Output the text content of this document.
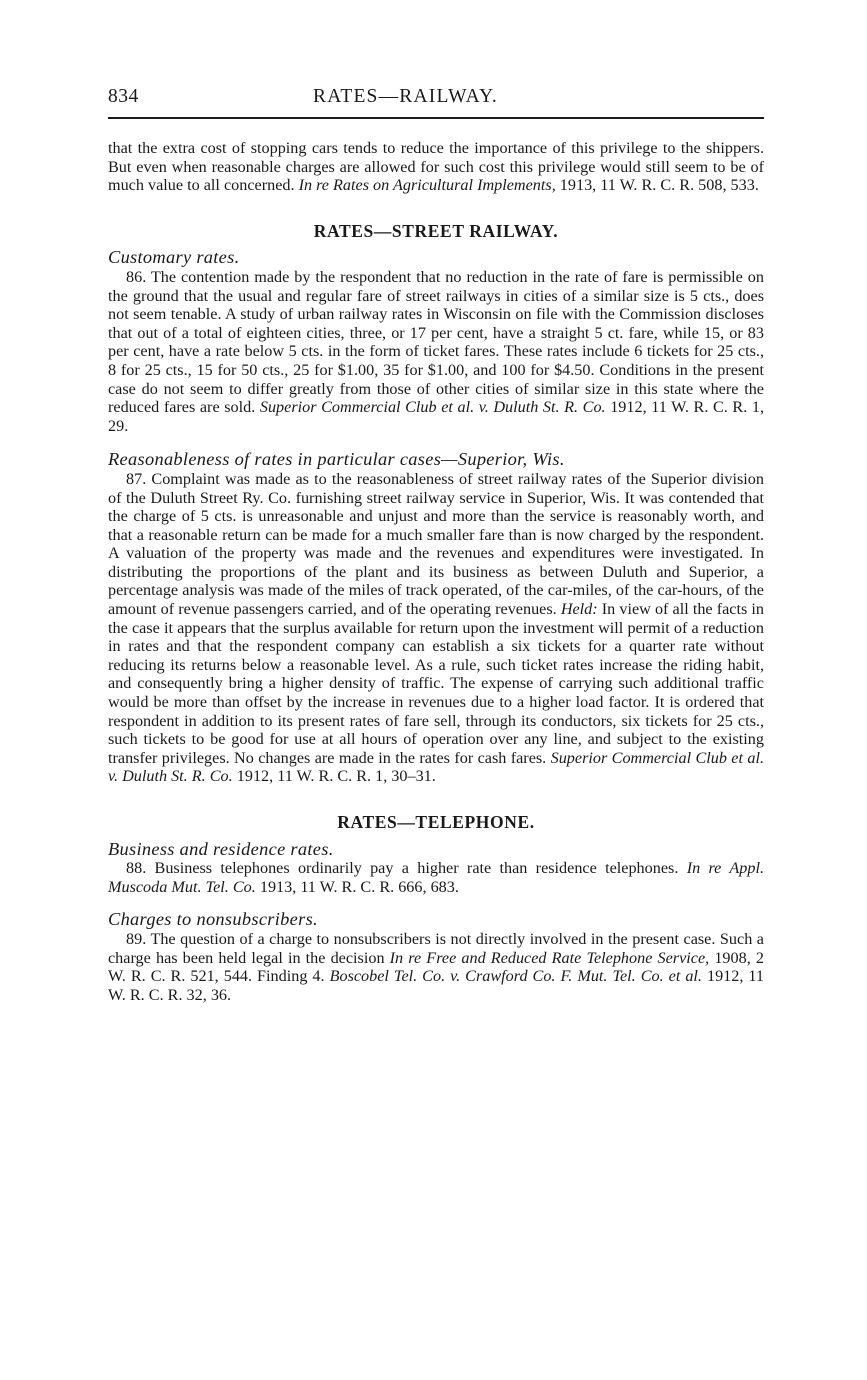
834	RATES—RAILWAY.

that the extra cost of stopping cars tends to reduce the importance of this privilege to the shippers. But even when reasonable charges are allowed for such cost this privilege would still seem to be of much value to all concerned. In re Rates on Agricultural Implements, 1913, 11 W. R. C. R. 508, 533.

RATES—STREET RAILWAY.
Customary rates.

86. The contention made by the respondent that no reduction in the rate of fare is permissible on the ground that the usual and regular fare of street railways in cities of a similar size is 5 cts., does not seem tenable. A study of urban railway rates in Wisconsin on file with the Commission discloses that out of a total of eighteen cities, three, or 17 per cent, have a straight 5 ct. fare, while 15, or 83 per cent, have a rate below 5 cts. in the form of ticket fares. These rates include 6 tickets for 25 cts., 8 for 25 cts., 15 for 50 cts., 25 for $1.00, 35 for $1.00, and 100 for $4.50. Conditions in the present case do not seem to differ greatly from those of other cities of similar size in this state where the reduced fares are sold. Superior Commercial Club et al. v. Duluth St. R. Co. 1912, 11 W. R. C. R. 1, 29.

Reasonableness of rates in particular cases—Superior, Wis.

87. Complaint was made as to the reasonableness of street railway rates of the Superior division of the Duluth Street Ry. Co. furnishing street railway service in Superior, Wis. It was contended that the charge of 5 cts. is unreasonable and unjust and more than the service is reasonably worth, and that a reasonable return can be made for a much smaller fare than is now charged by the respondent. A valuation of the property was made and the revenues and expenditures were investigated. In distributing the proportions of the plant and its business as between Duluth and Superior, a percentage analysis was made of the miles of track operated, of the car-miles, of the car-hours, of the amount of revenue passengers carried, and of the operating revenues. Held: In view of all the facts in the case it appears that the surplus available for return upon the investment will permit of a reduction in rates and that the respondent company can establish a six tickets for a quarter rate without reducing its returns below a reasonable level. As a rule, such ticket rates increase the riding habit, and consequently bring a higher density of traffic. The expense of carrying such additional traffic would be more than offset by the increase in revenues due to a higher load factor. It is ordered that respondent in addition to its present rates of fare sell, through its conductors, six tickets for 25 cts., such tickets to be good for use at all hours of operation over any line, and subject to the existing transfer privileges. No changes are made in the rates for cash fares. Superior Commercial Club et al. v. Duluth St. R. Co. 1912, 11 W. R. C. R. 1, 30–31.

RATES—TELEPHONE.
Business and residence rates.

88. Business telephones ordinarily pay a higher rate than residence telephones. In re Appl. Muscoda Mut. Tel. Co. 1913, 11 W. R. C. R. 666, 683.

Charges to nonsubscribers.

89. The question of a charge to nonsubscribers is not directly involved in the present case. Such a charge has been held legal in the decision In re Free and Reduced Rate Telephone Service, 1908, 2 W. R. C. R. 521, 544. Finding 4. Boscobel Tel. Co. v. Crawford Co. F. Mut. Tel. Co. et al. 1912, 11 W. R. C. R. 32, 36.
